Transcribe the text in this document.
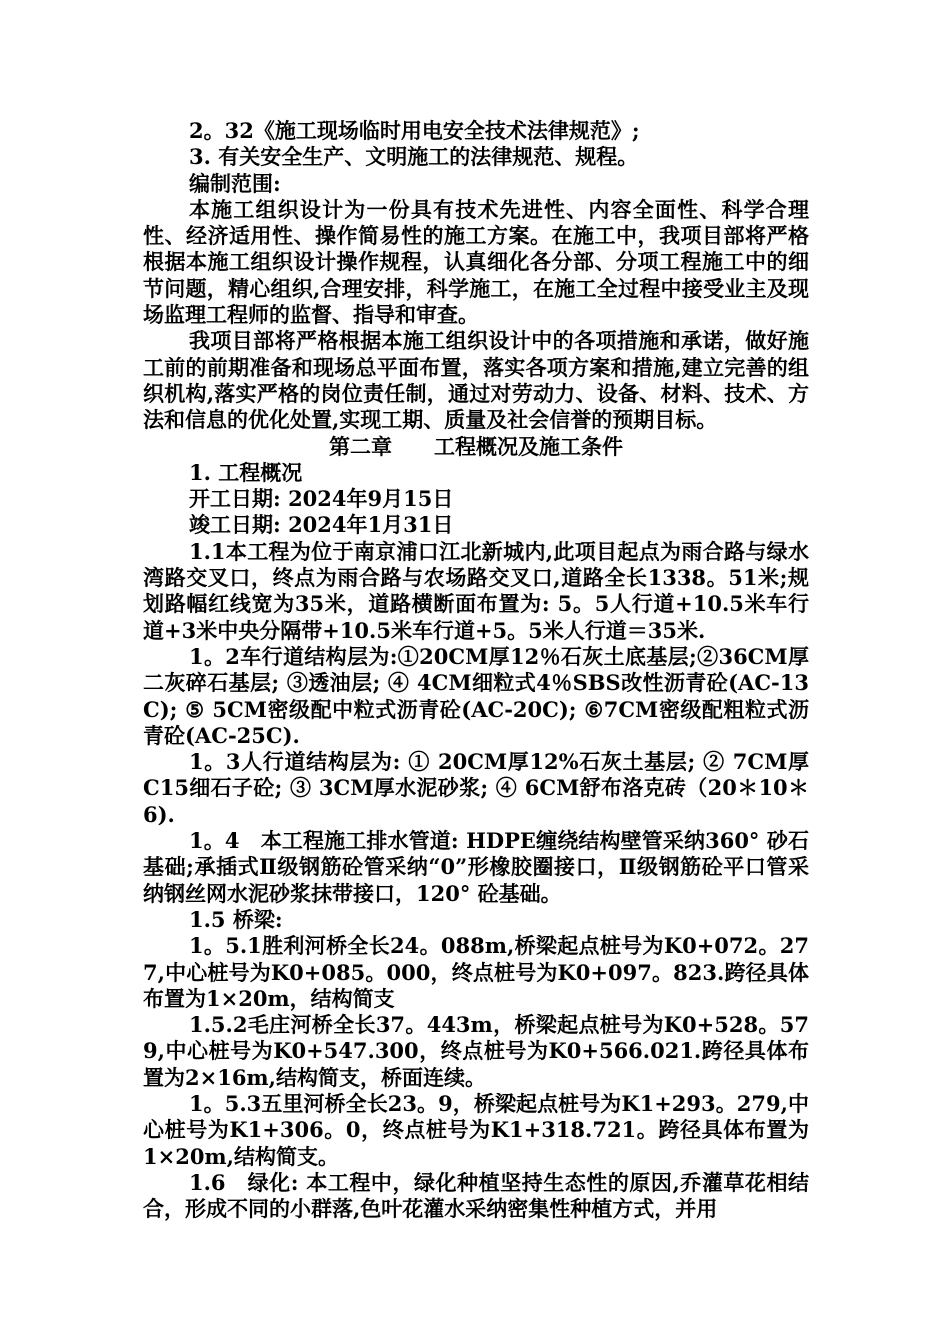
2。32《施工现场临时用电安全技术法律规范》;

3. 有关安全生产、文明施工的法律规范、规程。

编制范围:

本施工组织设计为一份具有技术先进性、内容全面性、科学合理性、经济适用性、操作简易性的施工方案。在施工中，我项目部将严格根据本施工组织设计操作规程，认真细化各分部、分项工程施工中的细节问题，精心组织,合理安排，科学施工，在施工全过程中接受业主及现场监理工程师的监督、指导和审查。

我项目部将严格根据本施工组织设计中的各项措施和承诺，做好施工前的前期准备和现场总平面布置，落实各项方案和措施,建立完善的组织机构,落实严格的岗位责任制，通过对劳动力、设备、材料、技术、方法和信息的优化处置,实现工期、质量及社会信誉的预期目标。

第二章　　工程概况及施工条件

1. 工程概况

开工日期: 2024年9月15日

竣工日期: 2024年1月31日

1.1本工程为位于南京浦口江北新城内,此项目起点为雨合路与绿水湾路交叉口，终点为雨合路与农场路交叉口,道路全长1338。51米;规划路幅红线宽为35米，道路横断面布置为: 5。5人行道+10.5米车行道+3米中央分隔带+10.5米车行道+5。5米人行道＝35米.

1。2车行道结构层为:①20CM厚12％石灰土底基层;②36CM厚二灰碎石基层; ③透油层; ④ 4CM细粒式4％SBS改性沥青砼(AC-13C); ⑤ 5CM密级配中粒式沥青砼(AC-20C); ⑥7CM密级配粗粒式沥青砼(AC-25C).

1。3人行道结构层为: ① 20CM厚12%石灰土基层; ② 7CM厚C15细石子砼; ③ 3CM厚水泥砂浆; ④ 6CM舒布洛克砖（20＊10＊6).

1。4　本工程施工排水管道: HDPE缠绕结构壁管采纳360° 砂石基础;承插式Ⅱ级钢筋砼管采纳“0”形橡胶圈接口，Ⅱ级钢筋砼平口管采纳钢丝网水泥砂浆抹带接口，120° 砼基础。

1.5 桥梁:

1。5.1胜利河桥全长24。088m,桥梁起点桩号为K0+072。277,中心桩号为K0+085。000，终点桩号为K0+097。823.跨径具体布置为1×20m，结构简支

1.5.2毛庄河桥全长37。443m，桥梁起点桩号为K0+528。579,中心桩号为K0+547.300，终点桩号为K0+566.021.跨径具体布置为2×16m,结构简支，桥面连续。

1。5.3五里河桥全长23。9，桥梁起点桩号为K1+293。279,中心桩号为K1+306。0，终点桩号为K1+318.721。跨径具体布置为1×20m,结构简支。

1.6　绿化: 本工程中，绿化种植坚持生态性的原因,乔灌草花相结合，形成不同的小群落,色叶花灌水采纳密集性种植方式，并用
